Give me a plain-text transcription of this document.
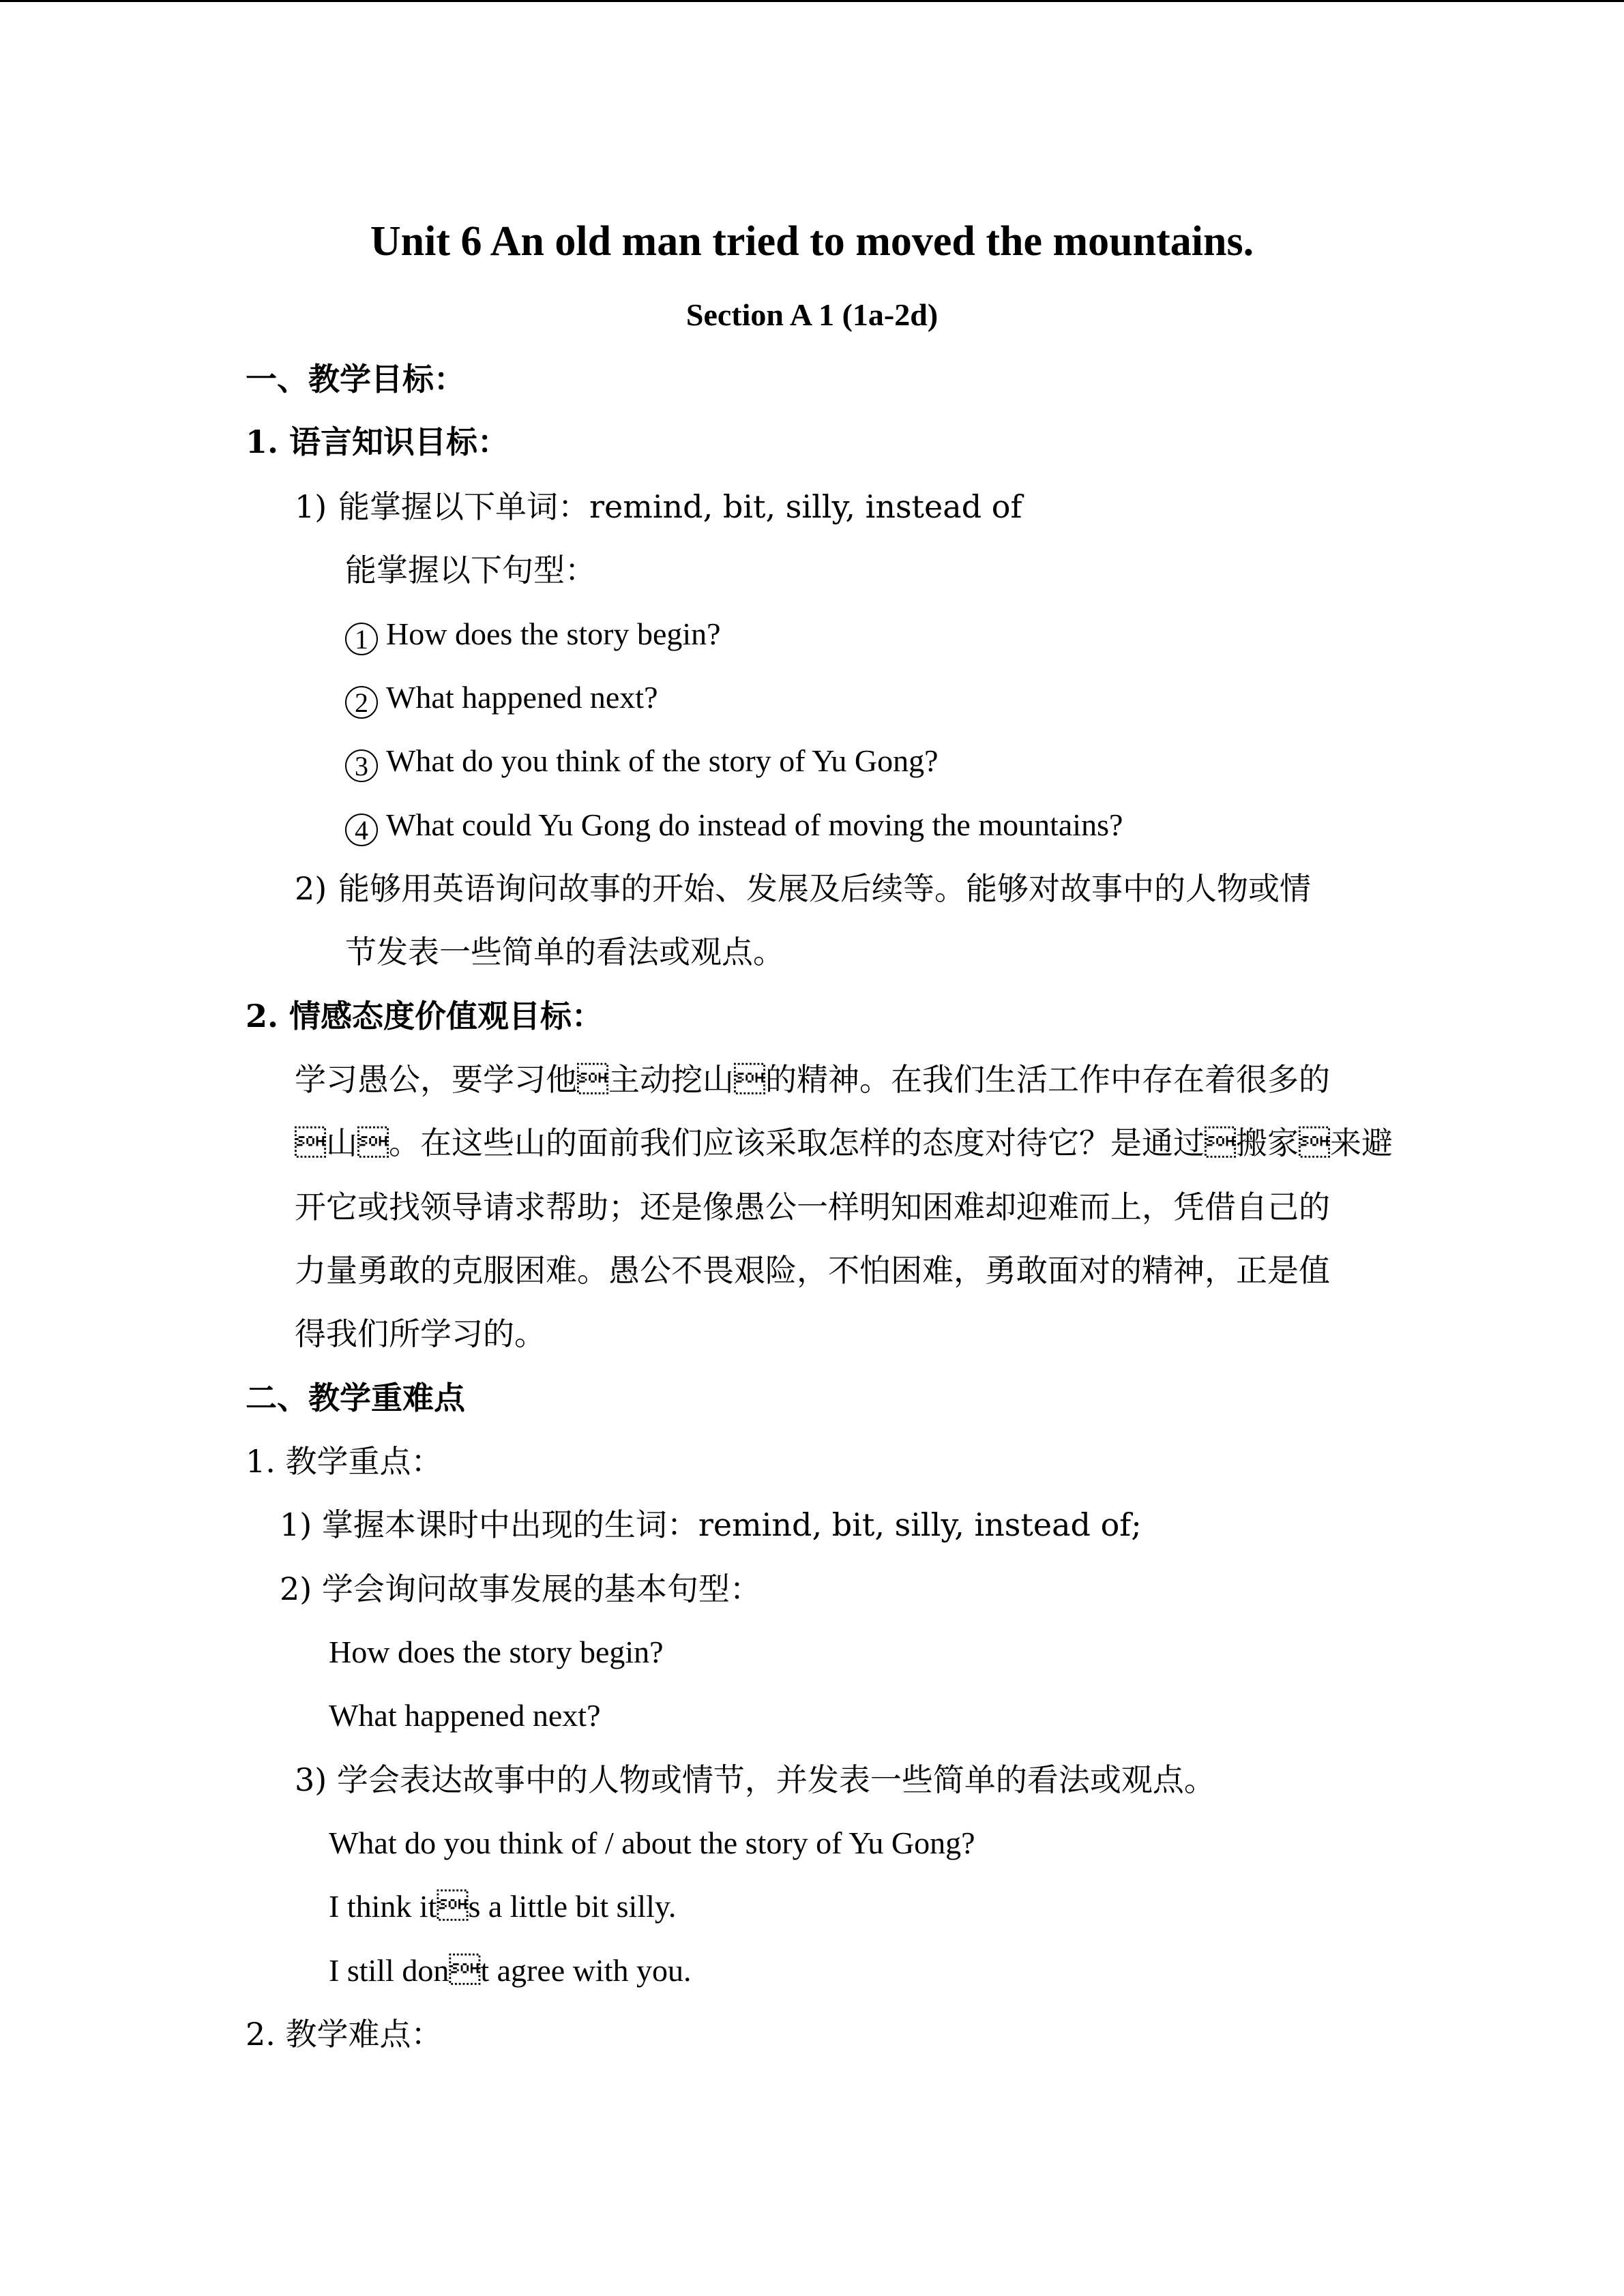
Unit 6 An old man tried to moved the mountains.
Section A 1 (1a-2d)
一、教学目标：
1. 语言知识目标：
1) 能掌握以下单词：remind, bit, silly, instead of
能掌握以下句型：
1 How does the story begin?
2 What happened next?
3 What do you think of the story of Yu Gong?
4 What could Yu Gong do instead of moving the mountains?
2) 能够用英语询问故事的开始、发展及后续等。能够对故事中的人物或情
节发表一些简单的看法或观点。
2. 情感态度价值观目标：
学习愚公，要学习他主动挖山的精神。在我们生活工作中存在着很多的
山。在这些山的面前我们应该采取怎样的态度对待它？是通过搬家来避
开它或找领导请求帮助；还是像愚公一样明知困难却迎难而上，凭借自己的
力量勇敢的克服困难。愚公不畏艰险，不怕困难，勇敢面对的精神，正是值
得我们所学习的。
二、教学重难点
1. 教学重点：
1) 掌握本课时中出现的生词：remind, bit, silly, instead of;
2) 学会询问故事发展的基本句型：
How does the story begin?
What happened next?
3) 学会表达故事中的人物或情节，并发表一些简单的看法或观点。
What do you think of / about the story of Yu Gong?
I think its a little bit silly.
I still dont agree with you.
2. 教学难点：
